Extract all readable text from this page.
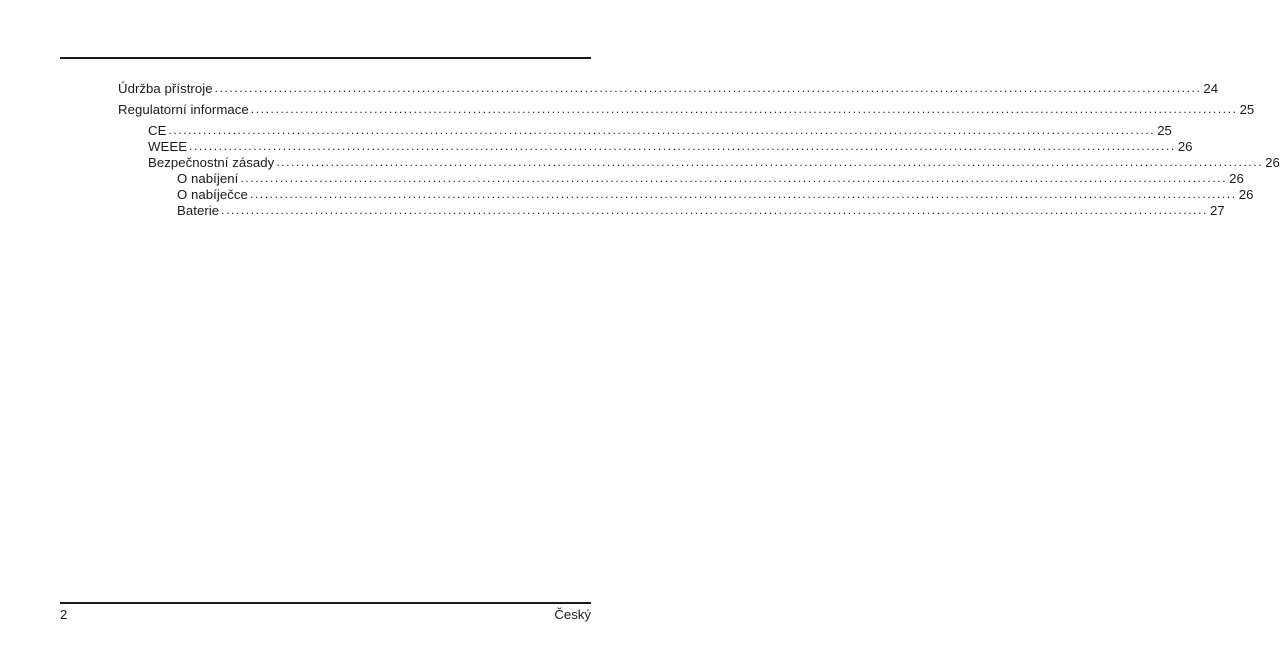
Údržba přístroje ........................................................................................................................................................................................................ 24
Regulatorní informace ........................................................................................................................................................................................................ 25
CE ........................................................................................................................................................................................................ 25
WEEE ........................................................................................................................................................................................................ 26
Bezpečnostní zásady ........................................................................................................................................................................................................ 26
O nabíjení ........................................................................................................................................................................................................ 26
O nabíječce ........................................................................................................................................................................................................ 26
Baterie ........................................................................................................................................................................................................ 27
2	Český
